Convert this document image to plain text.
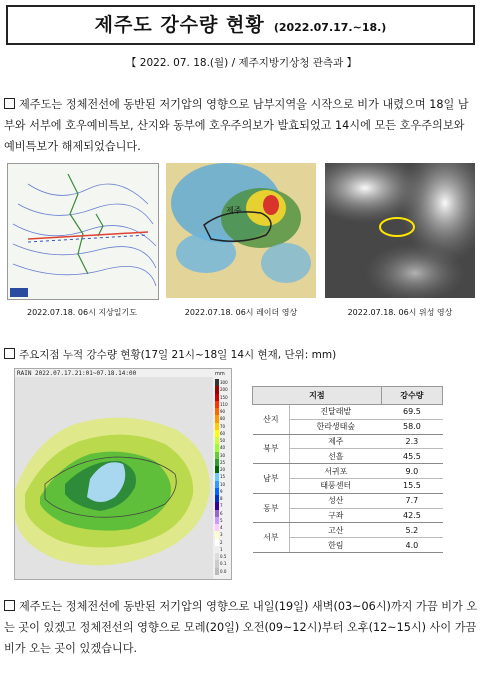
제주도 강수량 현황 (2022.07.17.~18.)
【 2022. 07. 18.(월) / 제주지방기상청 관측과 】
제주도는 정체전선에 동반된 저기압의 영향으로 남부지역을 시작으로 비가 내렸으며 18일 남부와 서부에 호우예비특보, 산지와 동부에 호우주의보가 발효되었고 14시에 모든 호우주의보와 예비특보가 해제되었습니다.
2022.07.18. 06시 지상일기도
제주
2022.07.18. 06시 레이더 영상	2022.07.18. 06시 위성 영상
주요지점 누적 강수량 현황(17일 21시~18일 14시 현재, 단위: mm)
RAIN 2022.07.17.21:01~07.18.14:00	mm
300
200
150
110
90
80
70
60
50
40
30
25
20
15
10
9
8
7
6
5
4
3
2
1
0.5
0.1
0.0
지점		강수량
산지	진달래밭	69.5
	한라생태숲	58.0
북부	제주	2.3
	선흘	45.5
남부	서귀포	9.0
	태풍센터	15.5
동부	성산	7.7
	구좌	42.5
서부	고산	5.2
	한림	4.0
제주도는 정체전선에 동반된 저기압의 영향으로 내일(19일) 새벽(03~06시)까지 가끔 비가 오는 곳이 있겠고 정체전선의 영향으로 모레(20일) 오전(09~12시)부터 오후(12~15시) 사이 가끔 비가 오는 곳이 있겠습니다.
